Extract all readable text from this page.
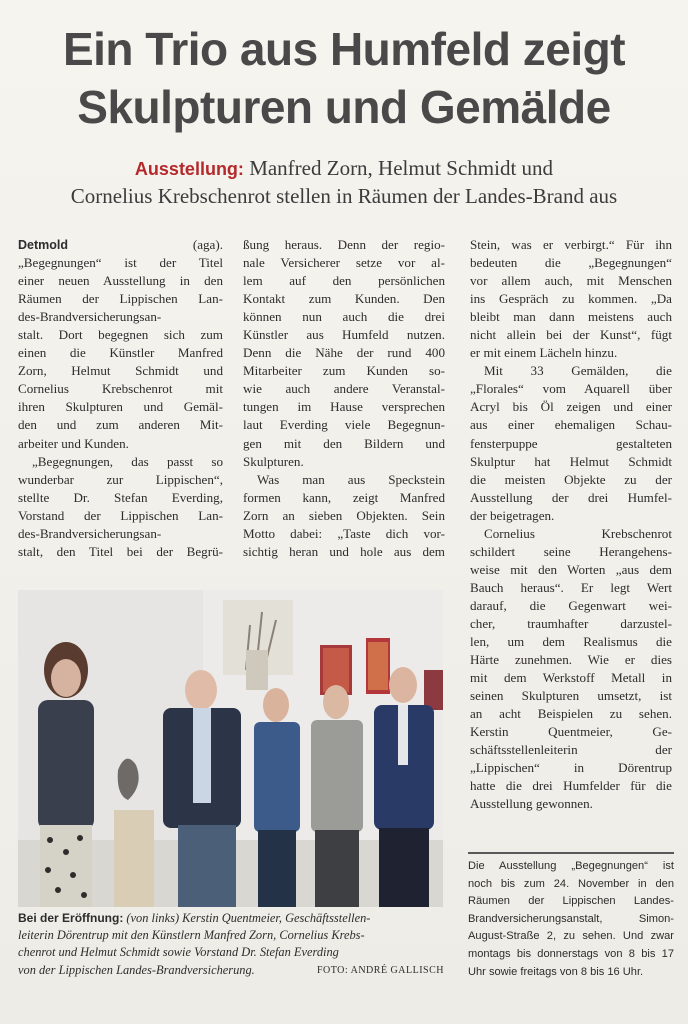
Ein Trio aus Humfeld zeigt
Skulpturen und Gemälde
Ausstellung: Manfred Zorn, Helmut Schmidt und
Cornelius Krebschenrot stellen in Räumen der Landes-Brand aus
Detmold	(aga).
„Begegnungen“ ist der Titel
einer neuen Ausstellung in den
Räumen der Lippischen Lan-
des-Brandversicherungsan-
stalt. Dort begegnen sich zum
einen die Künstler Manfred
Zorn, Helmut Schmidt und
Cornelius Krebschenrot mit
ihren Skulpturen und Gemäl-
den und zum anderen Mit-
arbeiter und Kunden.
„Begegnungen, das passt so
wunderbar zur Lippischen“,
stellte Dr. Stefan Everding,
Vorstand der Lippischen Lan-
des-Brandversicherungsan-
stalt, den Titel bei der Begrü-
ßung heraus. Denn der regio-
nale Versicherer setze vor al-
lem auf den persönlichen
Kontakt zum Kunden. Den
können nun auch die drei
Künstler aus Humfeld nutzen.
Denn die Nähe der rund 400
Mitarbeiter zum Kunden so-
wie auch andere Veranstal-
tungen im Hause versprechen
laut Everding viele Begegnun-
gen mit den Bildern und
Skulpturen.
Was man aus Speckstein
formen kann, zeigt Manfred
Zorn an sieben Objekten. Sein
Motto dabei: „Taste dich vor-
sichtig heran und hole aus dem
Stein, was er verbirgt.“ Für ihn
bedeuten die „Begegnungen“
vor allem auch, mit Menschen
ins Gespräch zu kommen. „Da
bleibt man dann meistens auch
nicht allein bei der Kunst“, fügt
er mit einem Lächeln hinzu.
Mit 33 Gemälden, die
„Florales“ vom Aquarell über
Acryl bis Öl zeigen und einer
aus einer ehemaligen Schau-
fensterpuppe gestalteten
Skulptur hat Helmut Schmidt
die meisten Objekte zu der
Ausstellung der drei Humfel-
der beigetragen.
Cornelius Krebschenrot
schildert seine Herangehens-
weise mit den Worten „aus dem
Bauch heraus“. Er legt Wert
darauf, die Gegenwart wei-
cher, traumhafter darzustel-
len, um dem Realismus die
Härte zunehmen. Wie er dies
mit dem Werkstoff Metall in
seinen Skulpturen umsetzt, ist
an acht Beispielen zu sehen.
Kerstin Quentmeier, Ge-
schäftsstellenleiterin der
„Lippischen“ in Dörentrup
hatte die drei Humfelder für die
Ausstellung gewonnen.
Bei der Eröffnung: (von links) Kerstin Quentmeier, Geschäftsstellen-
leiterin Dörentrup mit den Künstlern Manfred Zorn, Cornelius Krebs-
chenrot und Helmut Schmidt sowie Vorstand Dr. Stefan Everding
von der Lippischen Landes-Brandversicherung.	FOTO: ANDRÉ GALLISCH
Die Ausstellung „Begegnungen“ ist
noch bis zum 24. November in den
Räumen der Lippischen Landes-
Brandversicherungsanstalt, Simon-
August-Straße 2, zu sehen. Und zwar
montags bis donnerstags von 8 bis 17
Uhr sowie freitags von 8 bis 16 Uhr.
